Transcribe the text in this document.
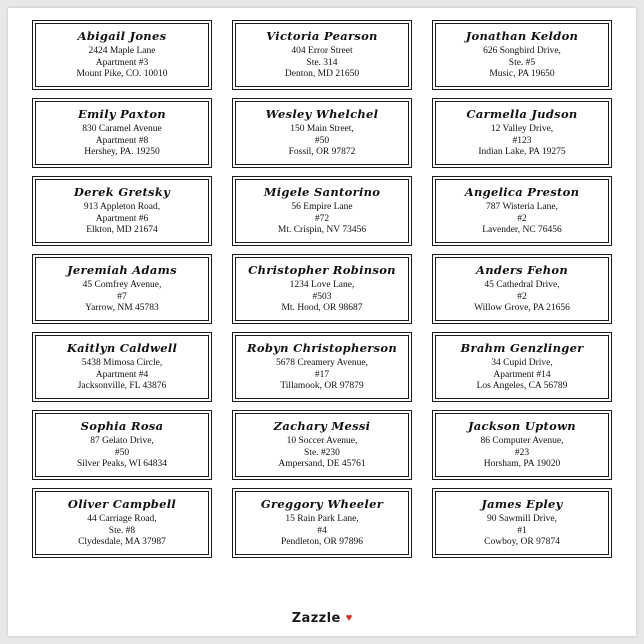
Abigail Jones
2424 Maple Lane
Apartment #3
Mount Pike, CO. 10010
Victoria Pearson
404 Error Street
Ste. 314
Denton, MD 21650
Jonathan Keldon
626 Songbird Drive,
Ste. #5
Music, PA 19650
Emily Paxton
830 Caramel Avenue
Apartment #8
Hershey, PA. 19250
Wesley Whelchel
150 Main Street,
#50
Fossil, OR 97872
Carmella Judson
12 Valley Drive,
#123
Indian Lake, PA 19275
Derek Gretsky
913 Appleton Road,
Apartment #6
Elkton, MD 21674
Migele Santorino
56 Empire Lane
#72
Mt. Crispin, NV 73456
Angelica Preston
787 Wisteria Lane,
#2
Lavender, NC 76456
Jeremiah Adams
45 Comfrey Avenue,
#7
Yarrow, NM 45783
Christopher Robinson
1234 Love Lane,
#503
Mt. Hood, OR 98687
Anders Fehon
45 Cathedral Drive,
#2
Willow Grove, PA 21656
Kaitlyn Caldwell
5438 Mimosa Circle,
Apartment #4
Jacksonville, FL 43876
Robyn Christopherson
5678 Creamery Avenue,
#17
Tillamook, OR 97879
Brahm Genzlinger
34 Cupid Drive,
Apartment #14
Los Angeles, CA 56789
Sophia Rosa
87 Gelato Drive,
#50
Silver Peaks, WI 64834
Zachary Messi
10 Soccer Avenue,
Ste. #230
Ampersand, DE 45761
Jackson Uptown
86 Computer Avenue,
#23
Horsham, PA 19020
Oliver Campbell
44 Carriage Road,
Ste. #8
Clydesdale, MA 37987
Greggory Wheeler
15 Rain Park Lane,
#4
Pendleton, OR 97896
James Epley
90 Sawmill Drive,
#1
Cowboy, OR 97874
Zazzle ♥
